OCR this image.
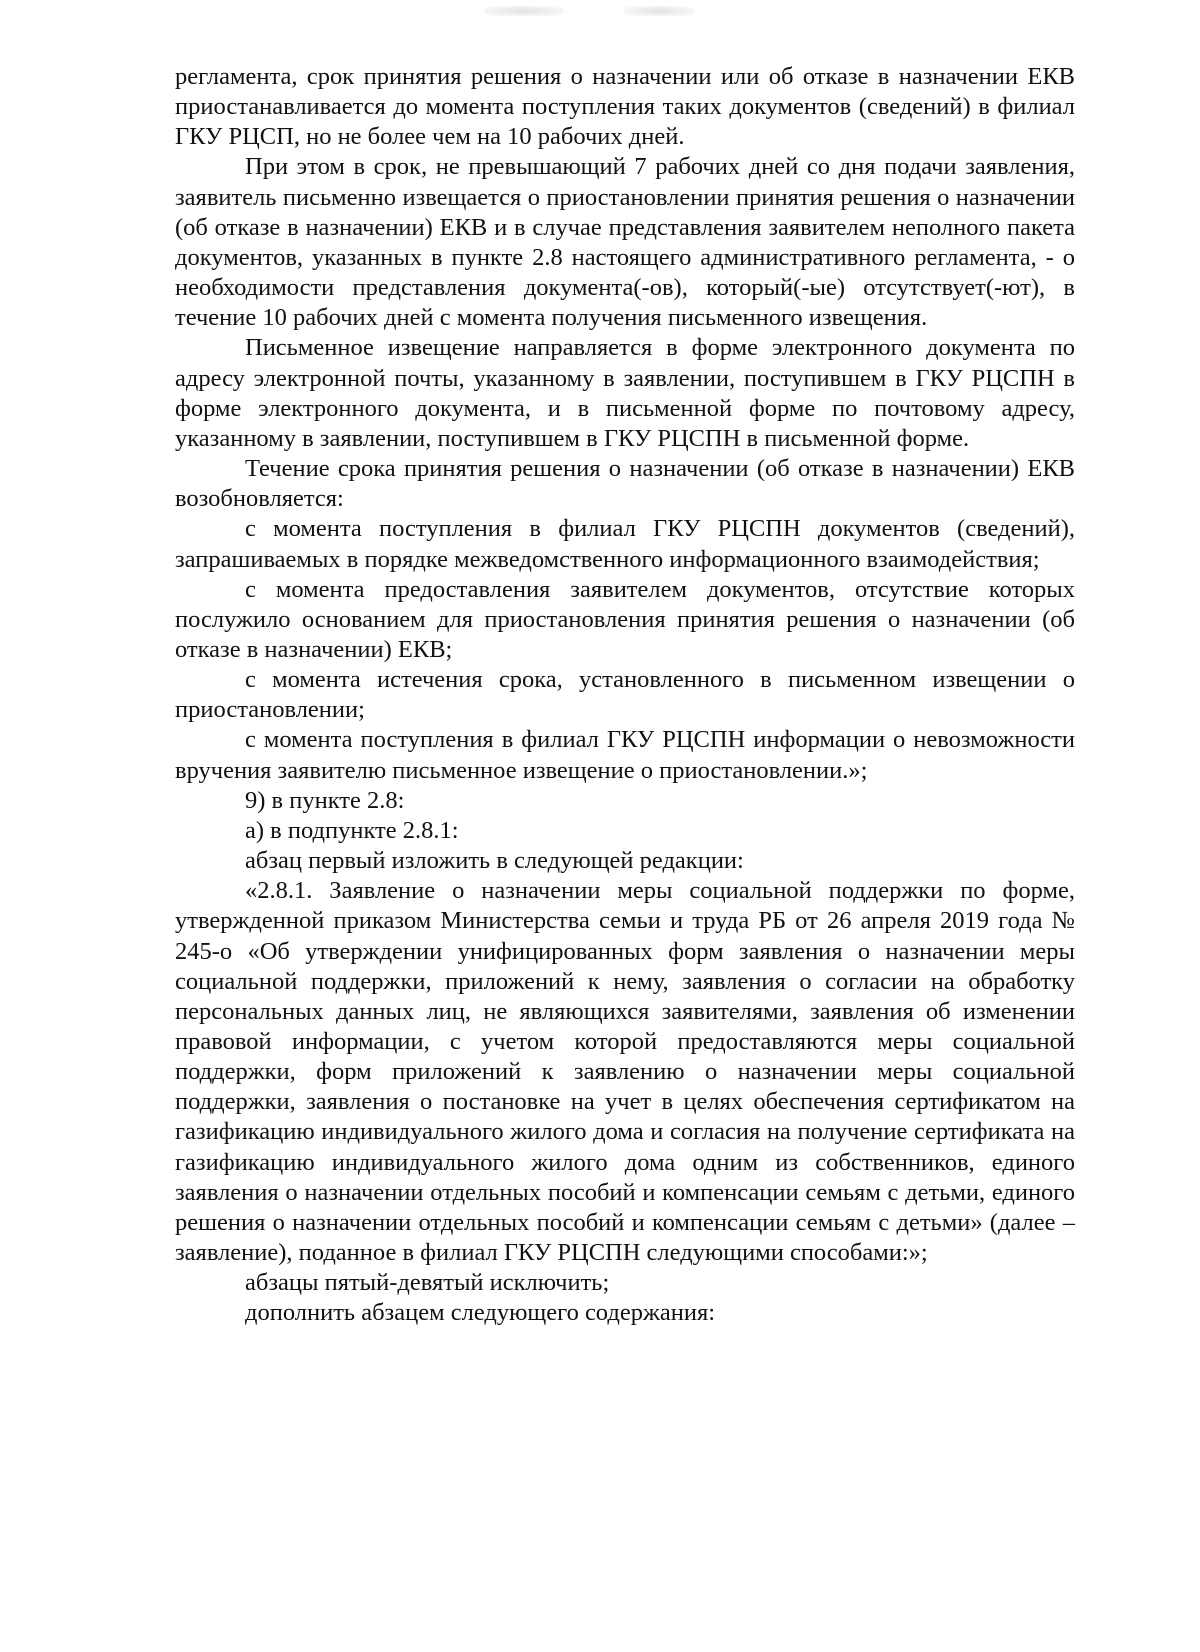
регламента, срок принятия решения о назначении или об отказе в назначении ЕКВ приостанавливается до момента поступления таких документов (сведений) в филиал ГКУ РЦСП, но не более чем на 10 рабочих дней.

При этом в срок, не превышающий 7 рабочих дней со дня подачи заявления, заявитель письменно извещается о приостановлении принятия решения о назначении (об отказе в назначении) ЕКВ и в случае представления заявителем неполного пакета документов, указанных в пункте 2.8 настоящего административного регламента, - о необходимости представления документа(-ов), который(-ые) отсутствует(-ют), в течение 10 рабочих дней с момента получения письменного извещения.

Письменное извещение направляется в форме электронного документа по адресу электронной почты, указанному в заявлении, поступившем в ГКУ РЦСПН в форме электронного документа, и в письменной форме по почтовому адресу, указанному в заявлении, поступившем в ГКУ РЦСПН в письменной форме.

Течение срока принятия решения о назначении (об отказе в назначении) ЕКВ возобновляется:

с момента поступления в филиал ГКУ РЦСПН документов (сведений), запрашиваемых в порядке межведомственного информационного взаимодействия;

с момента предоставления заявителем документов, отсутствие которых послужило основанием для приостановления принятия решения о назначении (об отказе в назначении) ЕКВ;

с момента истечения срока, установленного в письменном извещении о приостановлении;

с момента поступления в филиал ГКУ РЦСПН информации о невозможности вручения заявителю письменное извещение о приостановлении.»;

9) в пункте 2.8:

а) в подпункте 2.8.1:

абзац первый изложить в следующей редакции:

«2.8.1. Заявление о назначении меры социальной поддержки по форме, утвержденной приказом Министерства семьи и труда РБ от 26 апреля 2019 года № 245-о «Об утверждении унифицированных форм заявления о назначении меры социальной поддержки, приложений к нему, заявления о согласии на обработку персональных данных лиц, не являющихся заявителями, заявления об изменении правовой информации, с учетом которой предоставляются меры социальной поддержки, форм приложений к заявлению о назначении меры социальной поддержки, заявления о постановке на учет в целях обеспечения сертификатом на газификацию индивидуального жилого дома и согласия на получение сертификата на газификацию индивидуального жилого дома одним из собственников, единого заявления о назначении отдельных пособий и компенсации семьям с детьми, единого решения о назначении отдельных пособий и компенсации семьям с детьми» (далее – заявление), поданное в филиал ГКУ РЦСПН следующими способами:»;

абзацы пятый-девятый исключить;

дополнить абзацем следующего содержания:
